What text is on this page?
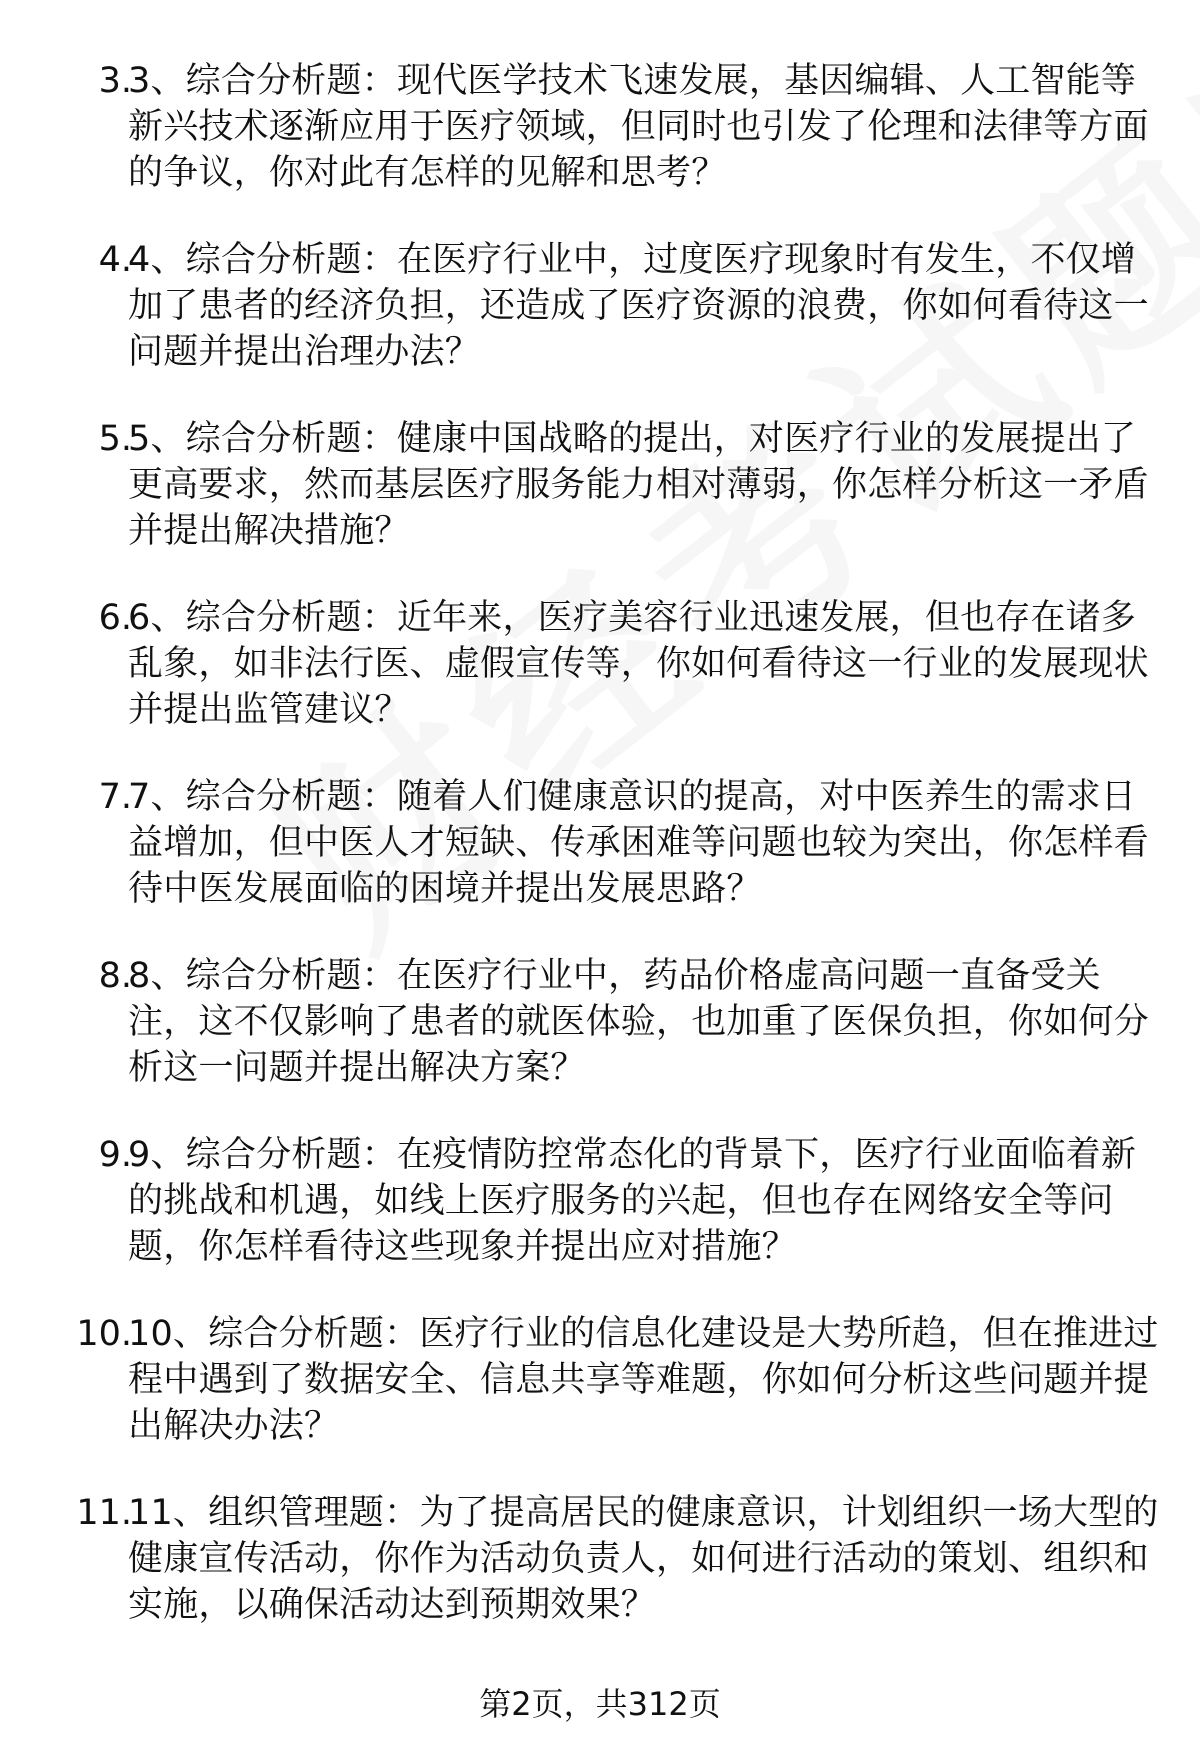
3.

3、综合分析题：现代医学技术飞速发展，基因编辑、人工智能等新兴技术逐渐应用于医疗领域，但同时也引发了伦理和法律等方面的争议，你对此有怎样的见解和思考？

4.

4、综合分析题：在医疗行业中，过度医疗现象时有发生，不仅增加了患者的经济负担，还造成了医疗资源的浪费，你如何看待这一问题并提出治理办法？

5.

5、综合分析题：健康中国战略的提出，对医疗行业的发展提出了更高要求，然而基层医疗服务能力相对薄弱，你怎样分析这一矛盾并提出解决措施？

6.

6、综合分析题：近年来，医疗美容行业迅速发展，但也存在诸多乱象，如非法行医、虚假宣传等，你如何看待这一行业的发展现状并提出监管建议？

7.

7、综合分析题：随着人们健康意识的提高，对中医养生的需求日益增加，但中医人才短缺、传承困难等问题也较为突出，你怎样看待中医发展面临的困境并提出发展思路？

8.

8、综合分析题：在医疗行业中，药品价格虚高问题一直备受关注，这不仅影响了患者的就医体验，也加重了医保负担，你如何分析这一问题并提出解决方案？

9.

9、综合分析题：在疫情防控常态化的背景下，医疗行业面临着新的挑战和机遇，如线上医疗服务的兴起，但也存在网络安全等问题，你怎样看待这些现象并提出应对措施？

10.

10、综合分析题：医疗行业的信息化建设是大势所趋，但在推进过程中遇到了数据安全、信息共享等难题，你如何分析这些问题并提出解决办法？

11.

11、组织管理题：为了提高居民的健康意识，计划组织一场大型的健康宣传活动，你作为活动负责人，如何进行活动的策划、组织和实施，以确保活动达到预期效果？

第2页，共312页
